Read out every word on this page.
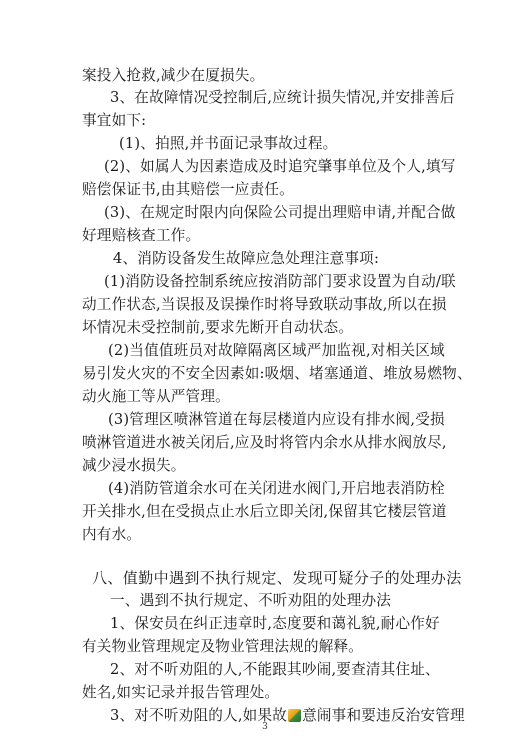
案投入抢救,减少在厦损失。
3、在故障情况受控制后,应统计损失情况,并安排善后
事宜如下:
(1)、拍照,并书面记录事故过程。
(2)、如属人为因素造成及时追究肇事单位及个人,填写
赔偿保证书,由其赔偿一应责任。
(3)、在规定时限内向保险公司提出理赔申请,并配合做
好理赔核查工作。
4、消防设备发生故障应急处理注意事项:
(1)消防设备控制系统应按消防部门要求设置为自动/联
动工作状态,当误报及误操作时将导致联动事故,所以在损
坏情况未受控制前,要求先断开自动状态。
(2)当值值班员对故障隔离区域严加监视,对相关区域
易引发火灾的不安全因素如:吸烟、堵塞通道、堆放易燃物、
动火施工等从严管理。
(3)管理区喷淋管道在每层楼道内应设有排水阀,受损
喷淋管道进水被关闭后,应及时将管内余水从排水阀放尽,
减少浸水损失。
(4)消防管道余水可在关闭进水阀门,开启地表消防栓
开关排水,但在受损点止水后立即关闭,保留其它楼层管道
内有水。
八、值勤中遇到不执行规定、发现可疑分子的处理办法
一、遇到不执行规定、不听劝阻的处理办法
1、保安员在纠正违章时,态度要和蔼礼貌,耐心作好
有关物业管理规定及物业管理法规的解释。
2、对不听劝阻的人,不能跟其吵闹,要查清其住址、
姓名,如实记录并报告管理处。
3、对不听劝阻的人,如果故 意闹事和要违反治安管理
3
